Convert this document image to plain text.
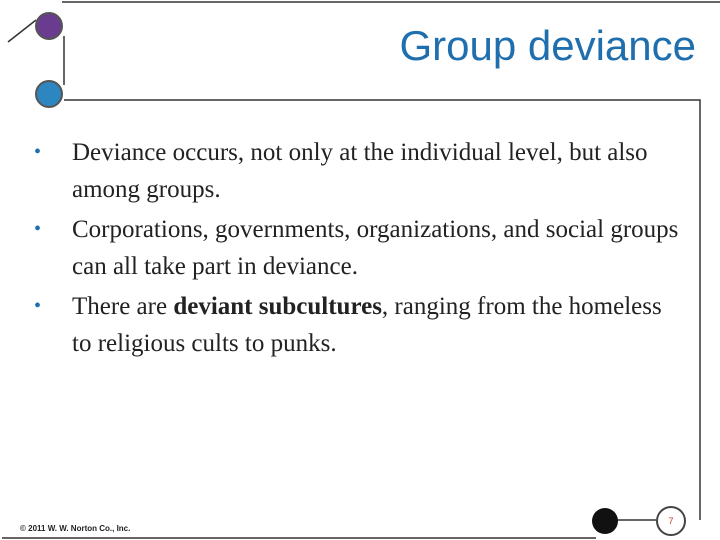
7
Group deviance
•	Deviance occurs, not only at the individual level, but also among groups.
•	Corporations, governments, organizations, and social groups can all take part in deviance.
•	There are deviant subcultures, ranging from the homeless to religious cults to punks.
© 2011 W. W. Norton Co., Inc.
